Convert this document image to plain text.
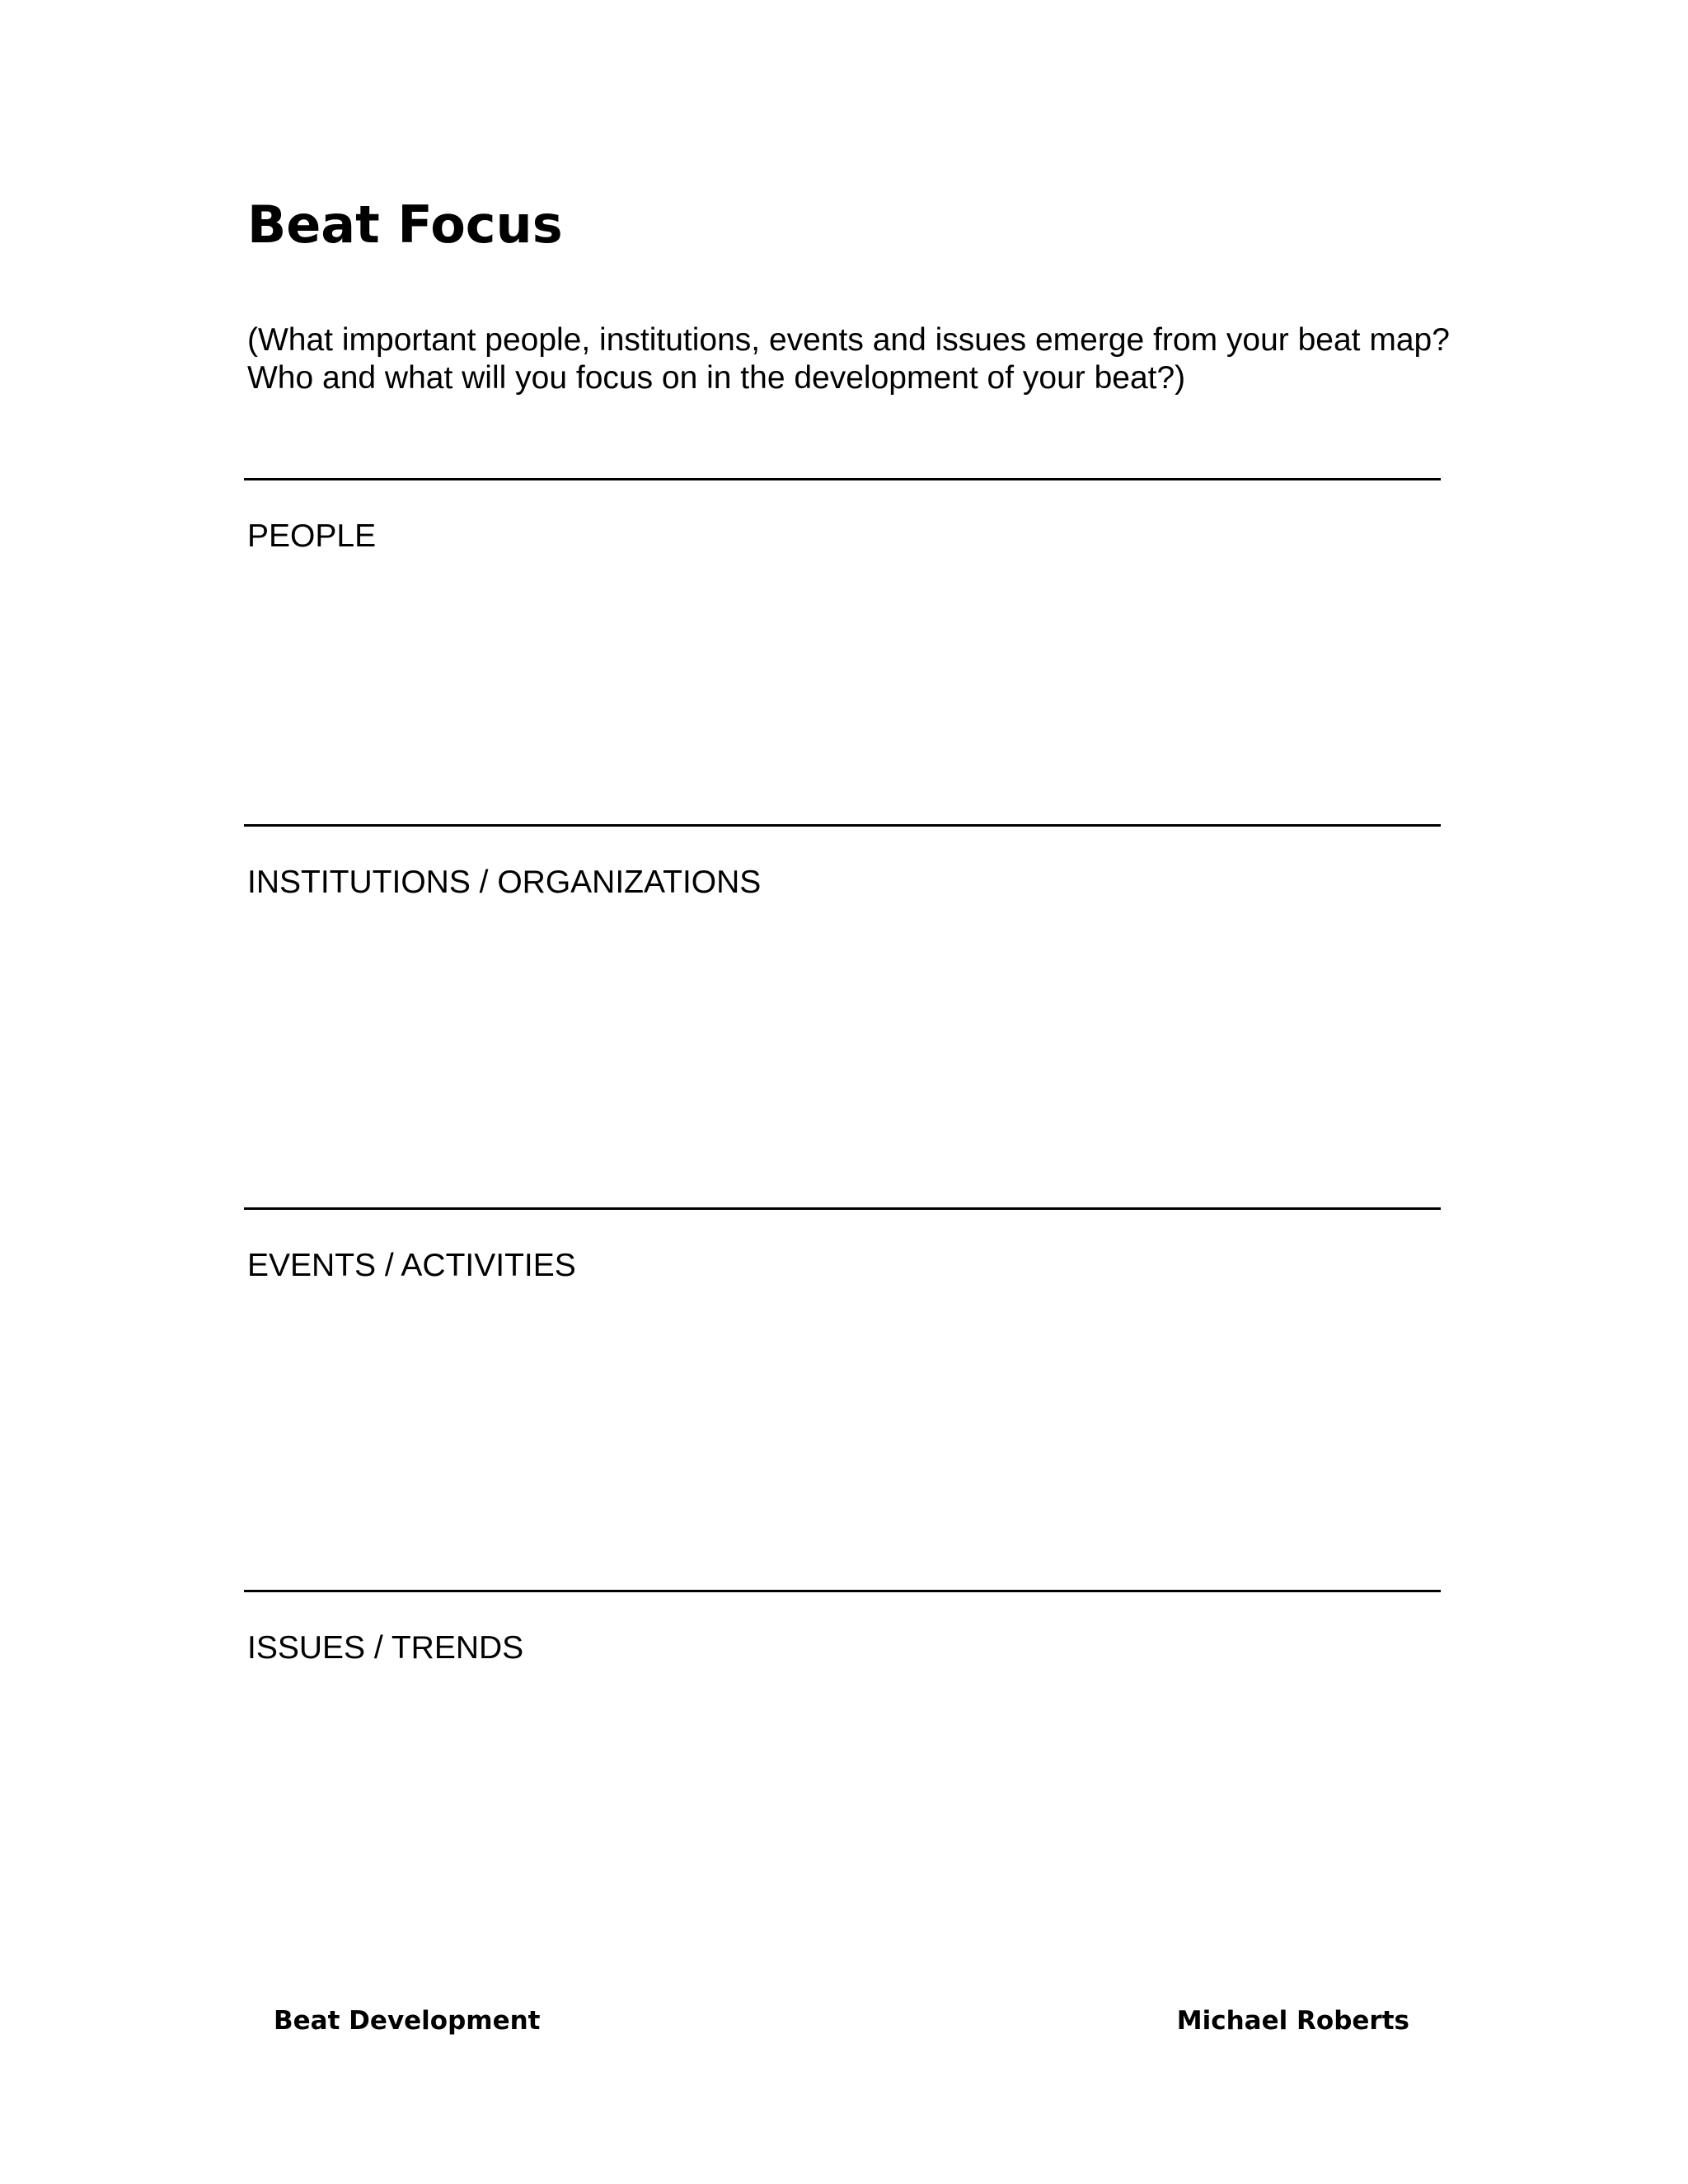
Beat Focus

(What important people, institutions, events and issues emerge from your beat map? Who and what will you focus on in the development of your beat?)

PEOPLE
INSTITUTIONS / ORGANIZATIONS
EVENTS / ACTIVITIES
ISSUES / TRENDS
Beat Development	Michael Roberts
